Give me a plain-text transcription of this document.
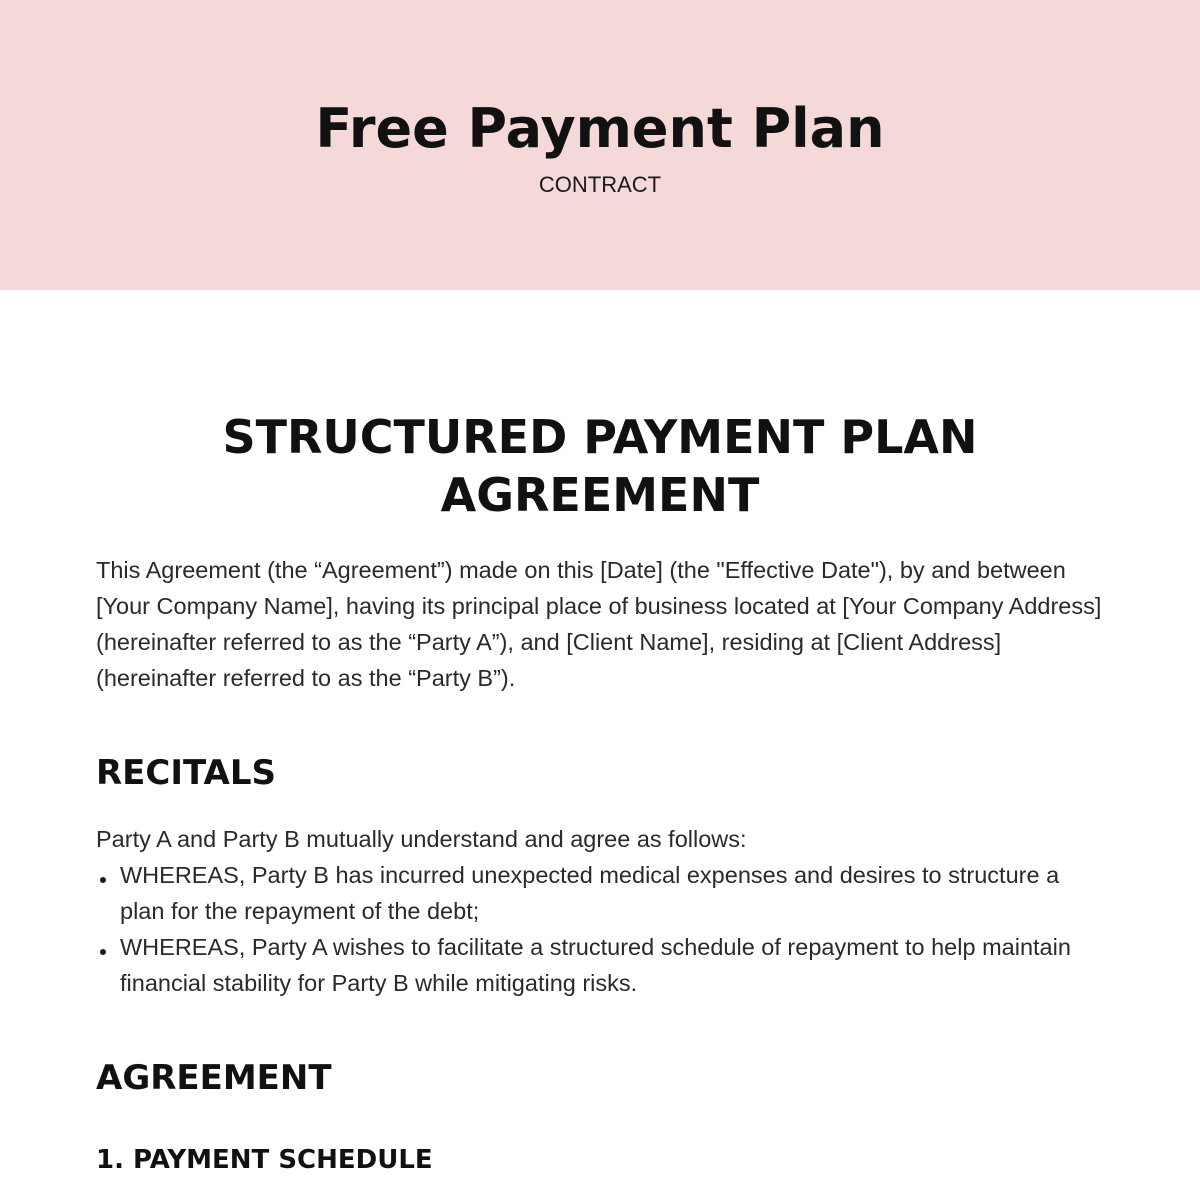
Free Payment Plan
CONTRACT
STRUCTURED PAYMENT PLAN AGREEMENT

This Agreement (the “Agreement”) made on this [Date] (the "Effective Date"), by and between [Your Company Name], having its principal place of business located at [Your Company Address] (hereinafter referred to as the “Party A”), and [Client Name], residing at [Client Address] (hereinafter referred to as the “Party B”).

RECITALS

Party A and Party B mutually understand and agree as follows:

WHEREAS, Party B has incurred unexpected medical expenses and desires to structure a plan for the repayment of the debt;
WHEREAS, Party A wishes to facilitate a structured schedule of repayment to help maintain financial stability for Party B while mitigating risks.
AGREEMENT
1. PAYMENT SCHEDULE
